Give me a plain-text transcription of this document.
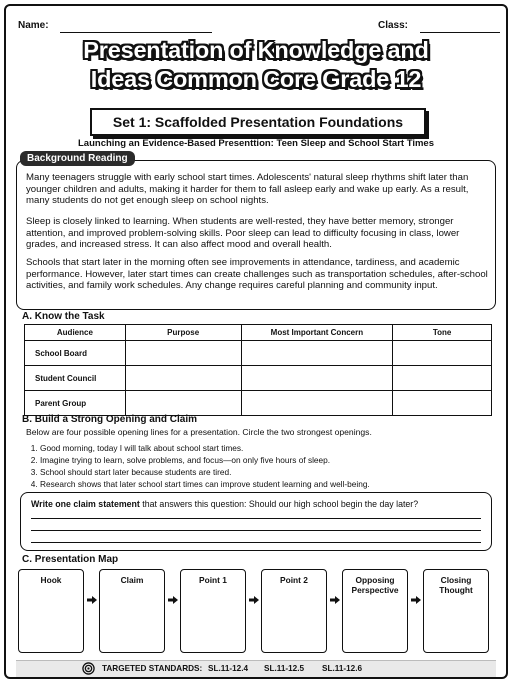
Name:	Class:
Presentation of Knowledge and
Ideas Common Core Grade 12
Set 1: Scaffolded Presentation Foundations
Launching an Evidence-Based Presenttion: Teen Sleep and School Start Times
Background Reading
Many teenagers struggle with early school start times. Adolescents' natural sleep rhythms shift later than younger children and adults, making it harder for them to fall asleep early and wake up early. As a result, many students do not get enough sleep on school nights.
Sleep is closely linked to learning. When students are well-rested, they have better memory, stronger attention, and improved problem-solving skills. Poor sleep can lead to difficulty focusing in class, lower grades, and increased stress. It can also affect mood and overall health.
Schools that start later in the morning often see improvements in attendance, tardiness, and academic performance. However, later start times can create challenges such as transportation schedules, after-school activities, and family work schedules. Any change requires careful planning and community input.
A. Know the Task
Audience	Purpose	Most Important Concern	Tone
School Board			
Student Council			
Parent Group			
B. Build a Strong Opening and Claim
Below are four possible opening lines for a presentation. Circle the two strongest openings.
1. Good morning, today I will talk about school start times.
2. Imagine trying to learn, solve problems, and focus—on only five hours of sleep.
3. School should start later because students are tired.
4. Research shows that later school start times can improve student learning and well-being.
Write one claim statement that answers this question: Should our high school begin the day later?
C. Presentation Map
Hook	Claim	Point 1	Point 2	Opposing Perspective
Closing Thought
TARGETED STANDARDS: SL.11-12.4 SL.11-12.5 SL.11-12.6
